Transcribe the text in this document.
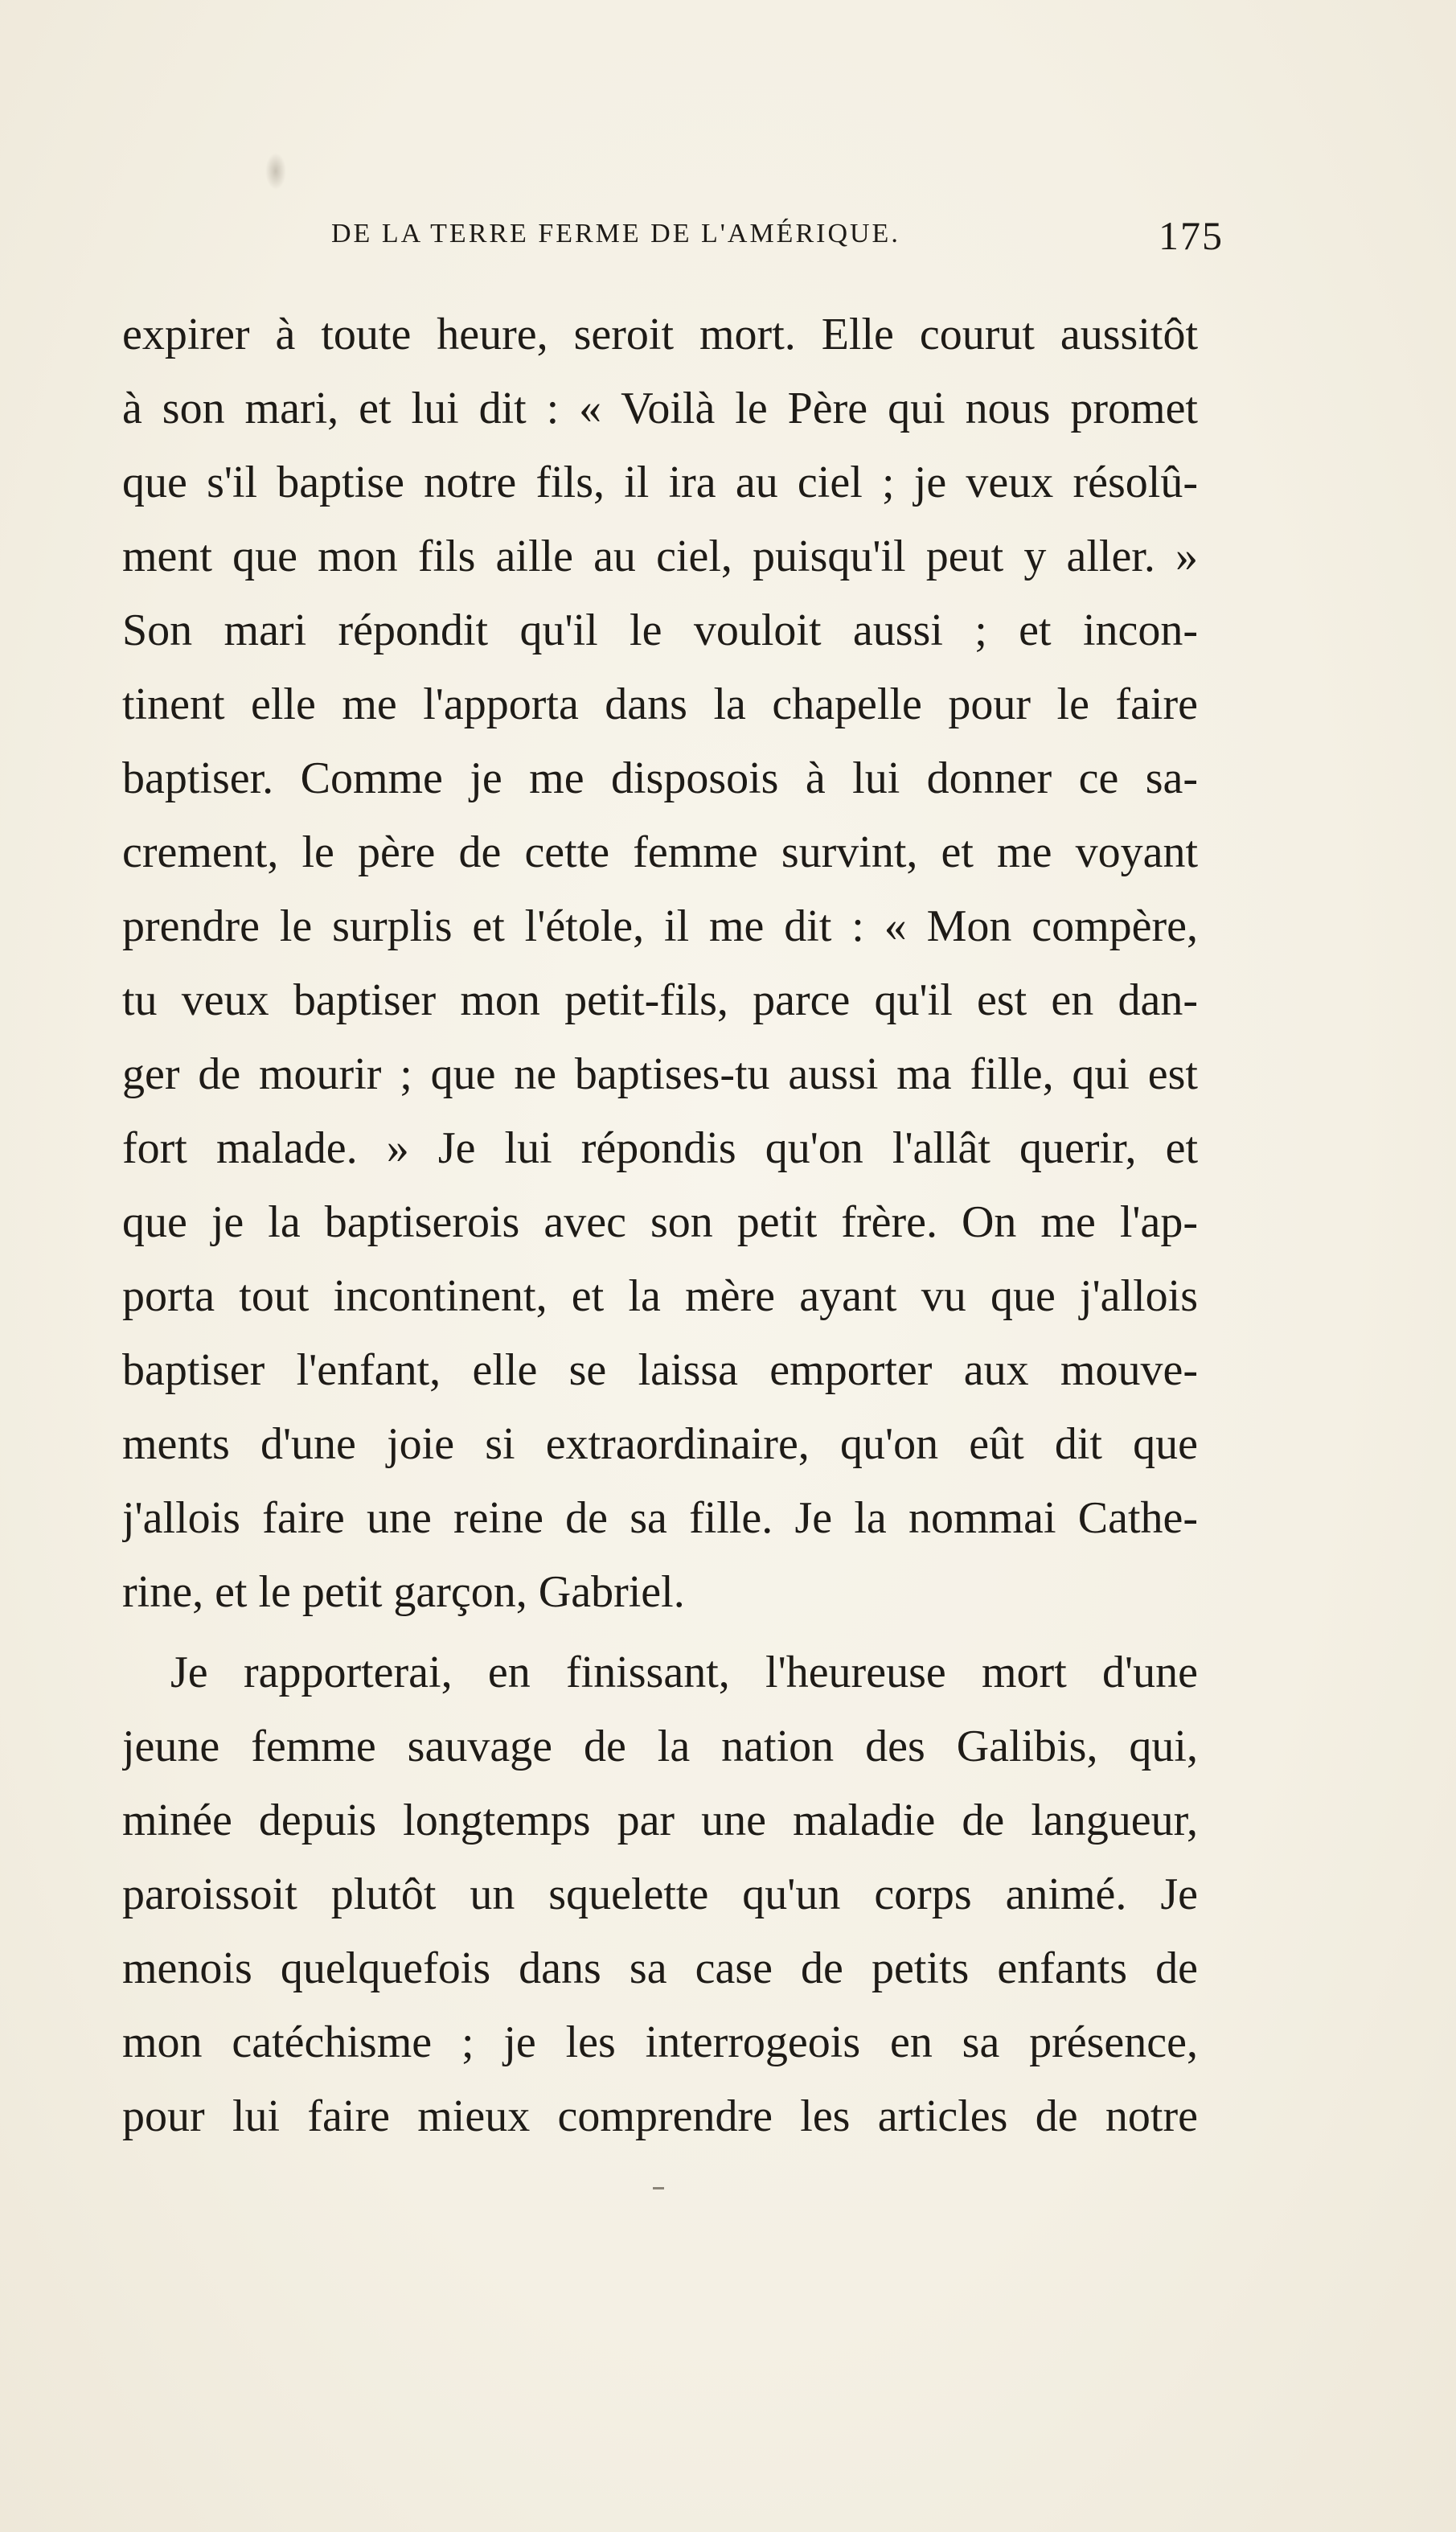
DE LA TERRE FERME DE L'AMÉRIQUE.	175
expirer à toute heure, seroit mort. Elle courut aussitôt
à son mari, et lui dit : « Voilà le Père qui nous promet
que s'il baptise notre fils, il ira au ciel ; je veux résolû-
ment que mon fils aille au ciel, puisqu'il peut y aller. »
Son mari répondit qu'il le vouloit aussi ; et incon-
tinent elle me l'apporta dans la chapelle pour le faire
baptiser. Comme je me disposois à lui donner ce sa-
crement, le père de cette femme survint, et me voyant
prendre le surplis et l'étole, il me dit : « Mon compère,
tu veux baptiser mon petit-fils, parce qu'il est en dan-
ger de mourir ; que ne baptises-tu aussi ma fille, qui est
fort malade. » Je lui répondis qu'on l'allât querir, et
que je la baptiserois avec son petit frère. On me l'ap-
porta tout incontinent, et la mère ayant vu que j'allois
baptiser l'enfant, elle se laissa emporter aux mouve-
ments d'une joie si extraordinaire, qu'on eût dit que
j'allois faire une reine de sa fille. Je la nommai Cathe-
rine, et le petit garçon, Gabriel.
Je rapporterai, en finissant, l'heureuse mort d'une
jeune femme sauvage de la nation des Galibis, qui,
minée depuis longtemps par une maladie de langueur,
paroissoit plutôt un squelette qu'un corps animé. Je
menois quelquefois dans sa case de petits enfants de
mon catéchisme ; je les interrogeois en sa présence,
pour lui faire mieux comprendre les articles de notre
